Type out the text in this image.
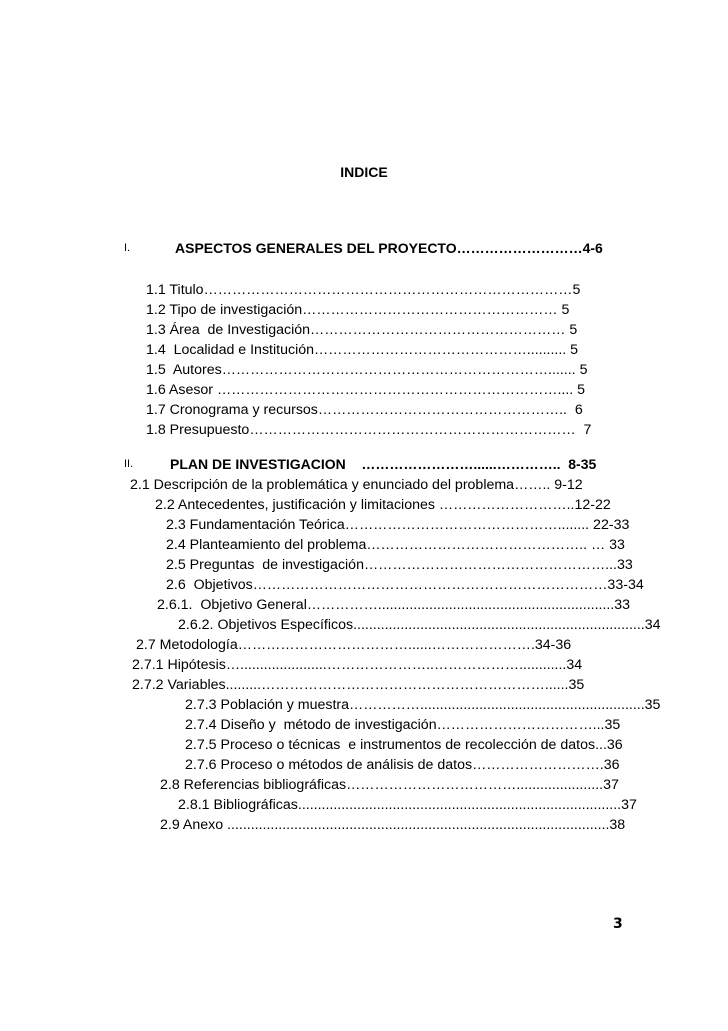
INDICE
I.	ASPECTOS GENERALES DEL PROYECTO………………………4-6
1.1 Titulo……………………………………………………………………5
1.2 Tipo de investigación……………………………………………… 5
1.3 Área  de Investigación……………………………………………… 5
1.4  Localidad e Institución……………………………………….......... 5
1.5  Autores……………………………………………………………....... 5
1.6 Asesor ……………………………………………………………….... 5
1.7 Cronograma y recursos……………………………………………..  6
1.8 Presupuesto……………………………………………………………  7
II.	PLAN DE INVESTIGACION    ……………………......…………..  8-35
2.1 Descripción de la problemática y enunciado del problema…….. 9-12
2.2 Antecedentes, justificación y limitaciones ………………………..12-22
2.3 Fundamentación Teórica………………………………………........ 22-33
2.4 Planteamiento del problema……………………………………….. … 33
2.5 Preguntas  de investigación……………………………………………...33
2.6  Objetivos…………………………………………………………………33-34
2.6.1.  Objetivo General……………............................................................33
2.6.2. Objetivos Específicos..........................................................................34
2.7 Metodología………………………………......………………….34-36
2.7.1 Hipótesis…......................…………………..………………............34
2.7.2 Variables.........……………………………………………………......35
2.7.3 Población y muestra…………….........................................................35
2.7.4 Diseño y  método de investigación……………………………...35
2.7.5 Proceso o técnicas  e instrumentos de recolección de datos...36
2.7.6 Proceso o métodos de análisis de datos……………………….36
2.8 Referencias bibliográficas………………………………......................37
2.8.1 Bibliográficas..................................................................................37
2.9 Anexo .................................................................................................38
3
